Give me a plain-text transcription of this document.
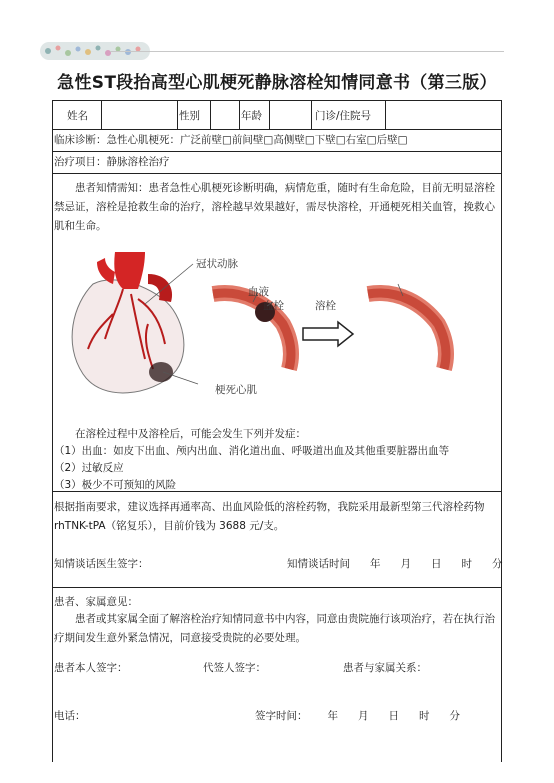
急性ST段抬高型心肌梗死静脉溶栓知情同意书（第三版）
姓名	性别	年龄	门诊/住院号
临床诊断：急性心肌梗死：广泛前壁□前间壁□高侧壁□下壁□右室□后壁□
治疗项目：静脉溶栓治疗
患者知情需知：患者急性心肌梗死诊断明确，病情危重，随时有生命危险，目前无明显溶栓禁忌证，溶栓是抢救生命的治疗，溶栓越早效果越好，需尽快溶栓，开通梗死相关血管，挽救心肌和生命。
冠状动脉
血液
血栓	溶栓
梗死心肌
在溶栓过程中及溶栓后，可能会发生下列并发症：
（1）出血：如皮下出血、颅内出血、消化道出血、呼吸道出血及其他重要脏器出血等
（2）过敏反应
（3）极少不可预知的风险
根据指南要求，建议选择再通率高、出血风险低的溶栓药物，我院采用最新型第三代溶栓药物 rhTNK-tPA（铭复乐），目前价钱为 3688 元/支。
知情谈话医生签字：	知情谈话时间 年 月 日 时 分
患者、家属意见：
患者或其家属全面了解溶栓治疗知情同意书中内容，同意由贵院施行该项治疗，若在执行治疗期间发生意外紧急情况，同意接受贵院的必要处理。
患者本人签字：	代签人签字：	患者与家属关系：
电话：	签字时间： 年 月 日 时 分
